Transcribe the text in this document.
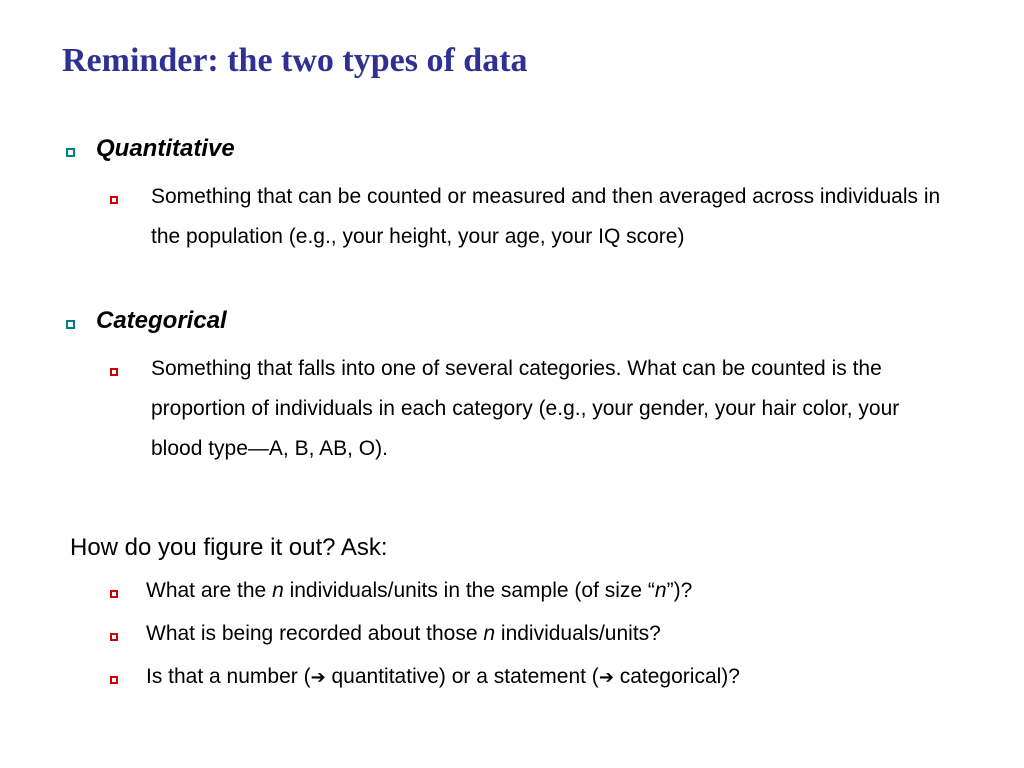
Reminder: the two types of data
Quantitative
Something that can be counted or measured and then averaged across individuals in the population (e.g., your height, your age, your IQ score)
Categorical
Something that falls into one of several categories. What can be counted is the proportion of individuals in each category (e.g., your gender, your hair color, your blood type—A, B, AB, O).
How do you figure it out? Ask:
What are the n individuals/units in the sample (of size “n”)?
What is being recorded about those n individuals/units?
Is that a number (➔ quantitative) or a statement (➔ categorical)?
